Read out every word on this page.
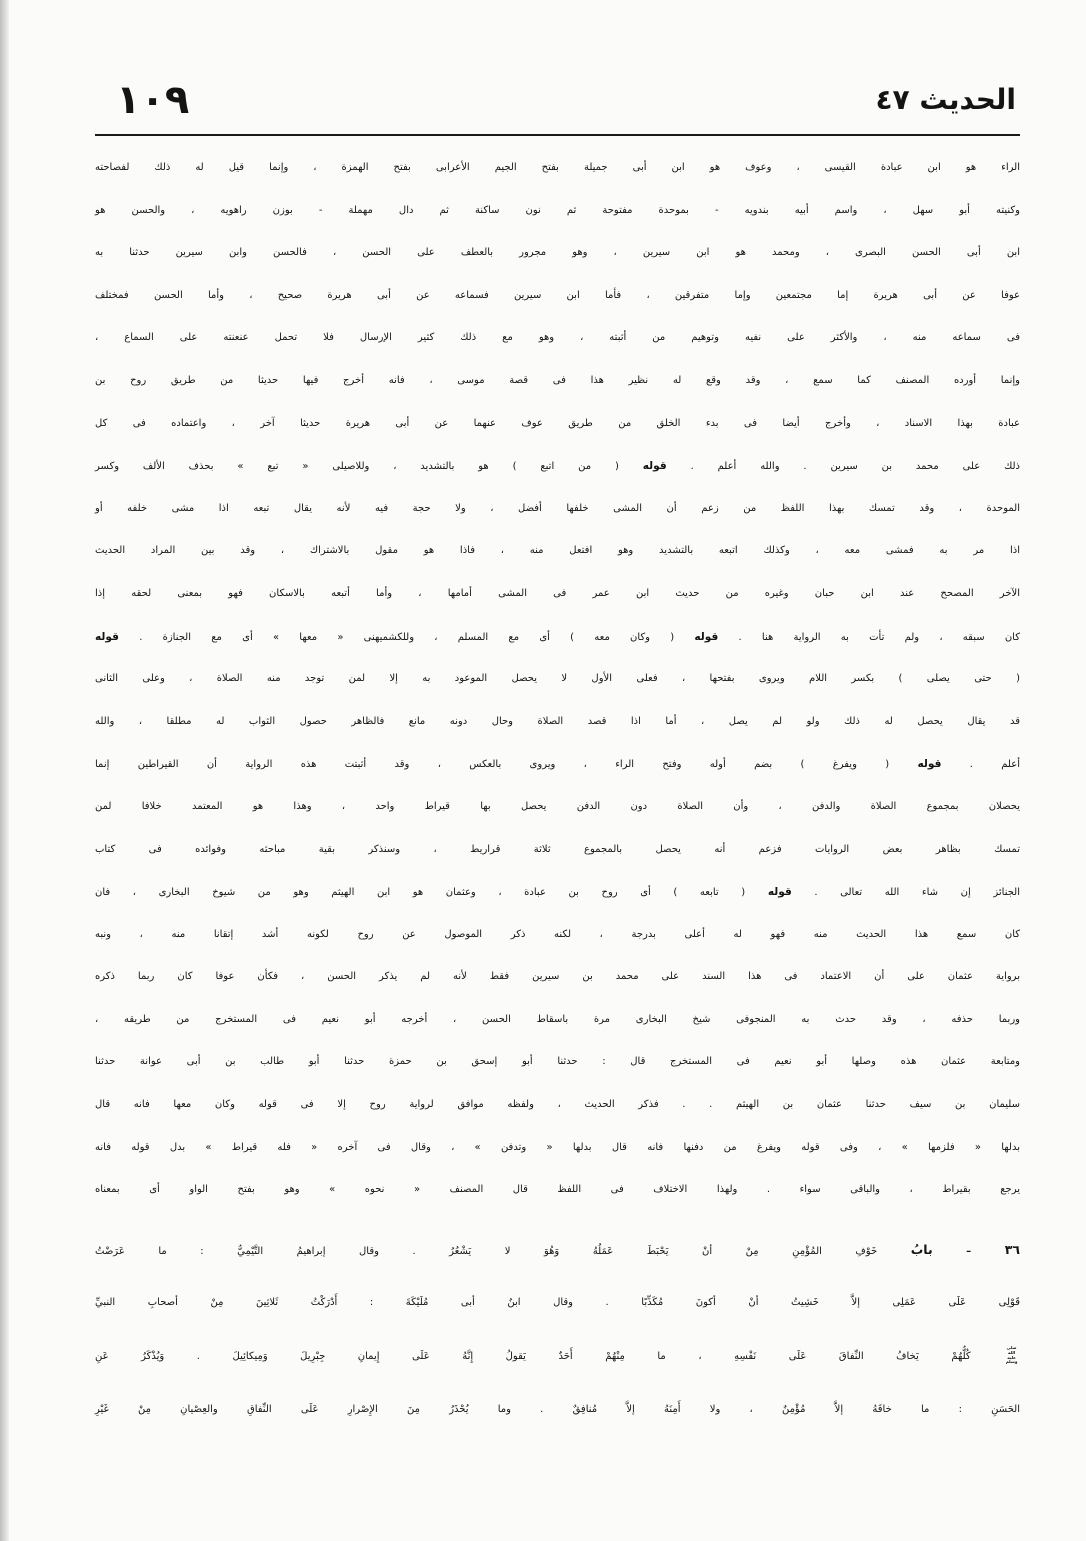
١٠٩	الحديث ٤٧
الراء هو ابن عبادة القيسى ، وعوف هو ابن أبى جميلة بفتح الجيم الأعرابى بفتح الهمزة ، وإنما قيل له ذلك لفصاحته
وكنيته أبو سهل ، واسم أبيه بندويه - بموحدة مفتوحة ثم نون ساكنة ثم دال مهملة - بوزن راهويه ، والحسن هو
ابن أبى الحسن البصرى ، ومحمد هو ابن سيرين ، وهو مجرور بالعطف على الحسن ، فالحسن وابن سيرين حدثنا به
عوفا عن أبى هريرة إما مجتمعين وإما متفرقين ، فأما ابن سيرين فسماعه عن أبى هريرة صحيح ، وأما الحسن فمختلف
فى سماعه منه ، والأكثر على نفيه وتوهيم من أثبته ، وهو مع ذلك كثير الإرسال فلا تحمل عنعنته على السماع ،
وإنما أورده المصنف كما سمع ، وقد وقع له نظير هذا فى قصة موسى ، فانه أخرج فيها حديثا من طريق روح بن
عبادة بهذا الاسناد ، وأخرج أيضا فى بدء الخلق من طريق عوف عنهما عن أبى هريرة حديثا آخر ، واعتماده فى كل
ذلك على محمد بن سيرين . والله أعلم . قوله ( من اتبع ) هو بالتشديد ، وللاصيلى « تبع » بحذف الألف وكسر
الموحدة ، وقد تمسك بهذا اللفظ من زعم أن المشى خلفها أفضل ، ولا حجة فيه لأنه يقال تبعه اذا مشى خلفه أو
اذا مر به فمشى معه ، وكذلك اتبعه بالتشديد وهو افتعل منه ، فاذا هو مقول بالاشتراك ، وقد بين المراد الحديث
الآخر المصحح عند ابن حبان وغيره من حديث ابن عمر فى المشى أمامها ، وأما أتبعه بالاسكان فهو بمعنى لحقه إذا
كان سبقه ، ولم تأت به الرواية هنا . قوله ( وكان معه ) أى مع المسلم ، وللكشميهنى « معها » أى مع الجنازة . قوله
( حتى يصلى ) بكسر اللام ويروى بفتحها ، فعلى الأول لا يحصل الموعود به إلا لمن توجد منه الصلاة ، وعلى الثانى
قد يقال يحصل له ذلك ولو لم يصل ، أما اذا قصد الصلاة وحال دونه مانع فالظاهر حصول الثواب له مطلقا ، والله
أعلم . قوله ( ويفرغ ) بضم أوله وفتح الراء ، ويروى بالعكس ، وقد أثبتت هذه الرواية أن القيراطين إنما
يحصلان بمجموع الصلاة والدفن ، وأن الصلاة دون الدفن يحصل بها قيراط واحد ، وهذا هو المعتمد خلافا لمن
تمسك بظاهر بعض الروايات فزعم أنه يحصل بالمجموع ثلاثة قراريط ، وسنذكر بقية مباحثه وفوائده فى كتاب
الجنائز إن شاء الله تعالى . قوله ( تابعه ) أى روح بن عبادة ، وعثمان هو ابن الهيثم وهو من شيوخ البخارى ، فان
كان سمع هذا الحديث منه فهو له أعلى بدرجة ، لكنه ذكر الموصول عن روح لكونه أشد إتقانا منه ، ونبه
برواية عثمان على أن الاعتماد فى هذا السند على محمد بن سيرين فقط لأنه لم يذكر الحسن ، فكأن عوفا كان ربما ذكره
وربما حذفه ، وقد حدث به المنجوفى شيخ البخارى مرة باسقاط الحسن ، أخرجه أبو نعيم فى المستخرج من طريقه ،
ومتابعة عثمان هذه وصلها أبو نعيم فى المستخرج قال : حدثنا أبو إسحق بن حمزة حدثنا أبو طالب بن أبى عوانة حدثنا
سليمان بن سيف حدثنا عثمان بن الهيثم . . فذكر الحديث ، ولفظه موافق لرواية روح إلا فى قوله وكان معها فانه قال
بدلها « فلزمها » ، وفى قوله ويفرغ من دفنها فانه قال بدلها « وتدفن » ، وقال فى آخره « فله قيراط » بدل قوله فانه
يرجع بقيراط ، والباقى سواء . ولهذا الاختلاف فى اللفظ قال المصنف « نحوه » وهو بفتح الواو أى بمعناه
٣٦ – بابُ خَوْفِ المُؤْمِنِ مِنْ أنْ يَحْبَطَ عَمَلُهُ وَهُوَ لا يَشْعُرُ . وقال إبراهيمُ التَّيْمِيُّ : ما عَرَضْتُ
قَوْلِى عَلَى عَمَلِى إلاَّ خَشِيتُ أنْ أكونَ مُكَذِّبًا . وقال ابنُ أبى مُلَيْكَةَ : أَدْرَكْتُ ثَلاثِينَ مِنْ أصحابِ النبيِّ
صلى الله عليه وسلم كُلُّهُمْ يَخافُ النِّفاقَ عَلَى نَفْسِهِ ، ما مِنْهُمْ أَحَدٌ يَقولُ إِنَّهُ عَلَى إِيمانِ جِبْرِيلَ وَمِيكائِيلَ . وَيُذْكَرُ عَنِ
الحَسَنِ : ما خافَهُ إلاَّ مُؤْمِنٌ ، ولا أَمِنَهُ إلاَّ مُنافِقٌ . وما يُحْذَرُ مِنَ الإِصْرارِ عَلَى النِّفاقِ والعِصْيانِ مِنْ غَيْرِ
